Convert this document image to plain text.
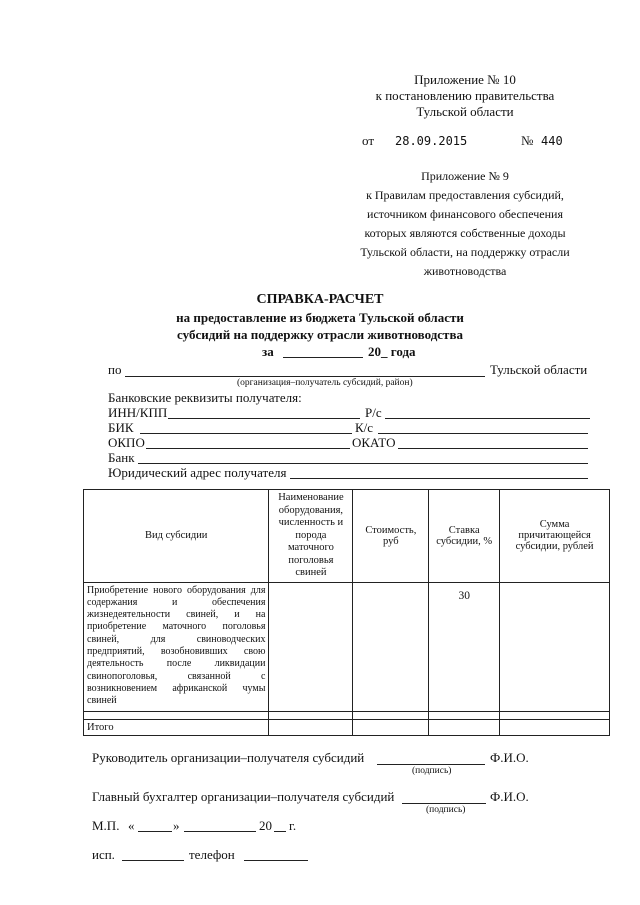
Приложение № 10
к постановлению правительства
Тульской области
от 28.09.2015	№ 440
Приложение № 9
к Правилам предоставления субсидий,
источником финансового обеспечения
которых являются собственные доходы
Тульской области, на поддержку отрасли
животноводства
СПРАВКА-РАСЧЕТ
на предоставление из бюджета Тульской области
субсидий на поддержку отрасли животноводства
за	20_ года
по	Тульской области
(организация–получатель субсидий, район)
Банковские реквизиты получателя:
ИНН/КПП	Р/с
БИК	К/с
ОКПО	ОКАТО
Банк
Юридический адрес получателя
Вид субсидии	Наименование оборудования, численность и порода маточного поголовья свиней	Стоимость, руб	Ставка субсидии, %	Сумма причитающейся субсидии, рублей
Приобретение нового оборудования для содержания и обеспечения жизнедеятельности свиней, и на приобретение маточного поголовья свиней, для свиноводческих предприятий, возобновивших свою деятельность после ликвидации свинопоголовья, связанной с возникновением африканской чумы свиней			30	

Итого				
Руководитель организации–получателя субсидий	Ф.И.О.
(подпись)
Главный бухгалтер организации–получателя субсидий	Ф.И.О.
(подпись)
М.П. «	»	20 г.
исп.	телефон
